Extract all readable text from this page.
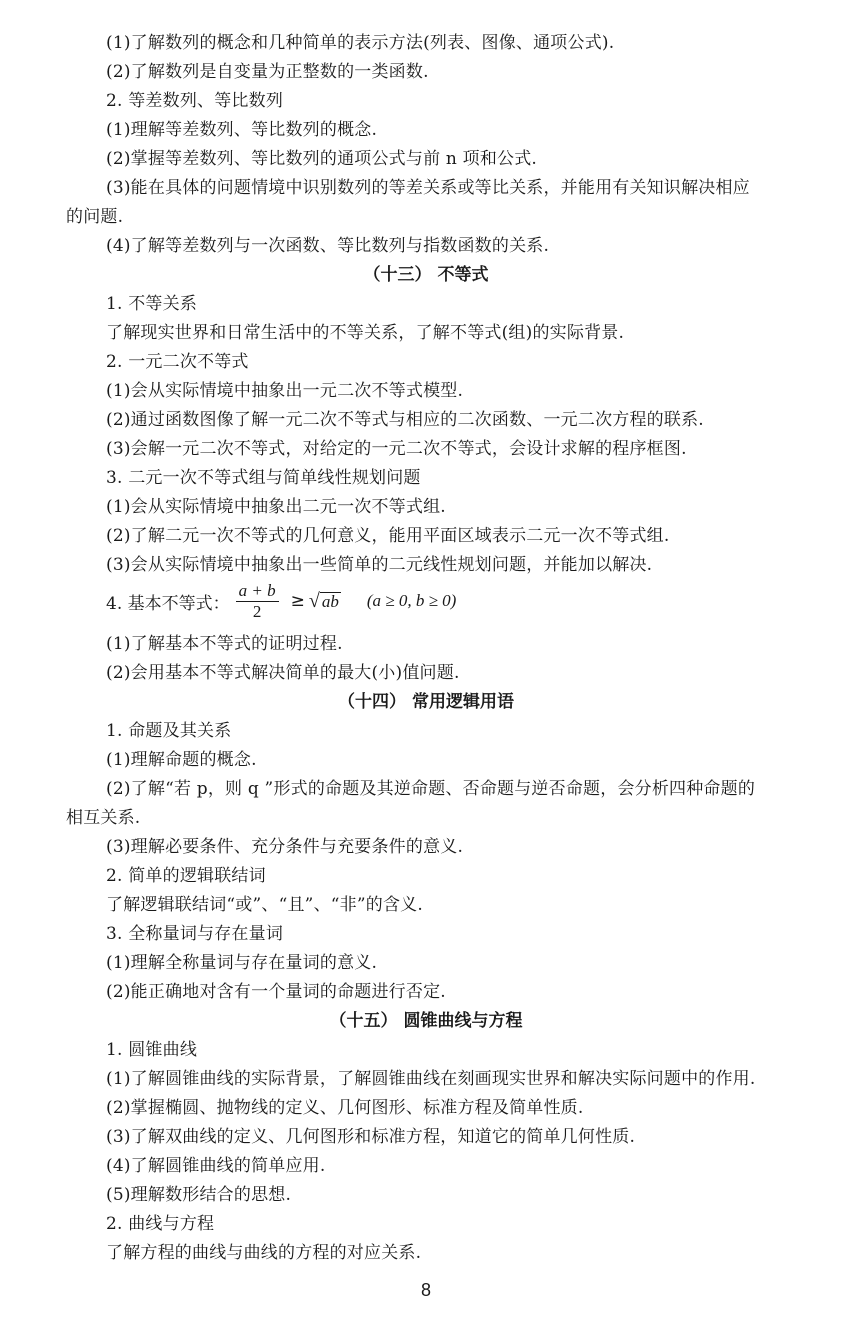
(1)了解数列的概念和几种简单的表示方法(列表、图像、通项公式).
(2)了解数列是自变量为正整数的一类函数.
2. 等差数列、等比数列
(1)理解等差数列、等比数列的概念.
(2)掌握等差数列、等比数列的通项公式与前 n 项和公式.
(3)能在具体的问题情境中识别数列的等差关系或等比关系，并能用有关知识解决相应
的问题.
(4)了解等差数列与一次函数、等比数列与指数函数的关系.
（十三） 不等式
1. 不等关系
了解现实世界和日常生活中的不等关系，了解不等式(组)的实际背景.
2. 一元二次不等式
(1)会从实际情境中抽象出一元二次不等式模型.
(2)通过函数图像了解一元二次不等式与相应的二次函数、一元二次方程的联系.
(3)会解一元二次不等式，对给定的一元二次不等式，会设计求解的程序框图.
3. 二元一次不等式组与简单线性规划问题
(1)会从实际情境中抽象出二元一次不等式组.
(2)了解二元一次不等式的几何意义，能用平面区域表示二元一次不等式组.
(3)会从实际情境中抽象出一些简单的二元线性规划问题，并能加以解决.
4. 基本不等式： $\frac{a + b}{2}$ ≥ √ ab (a ≥ 0, b ≥ 0)
(1)了解基本不等式的证明过程.
(2)会用基本不等式解决简单的最大(小)值问题.
（十四） 常用逻辑用语
1. 命题及其关系
(1)理解命题的概念.
(2)了解“若 p，则 q ”形式的命题及其逆命题、否命题与逆否命题，会分析四种命题的
相互关系.
(3)理解必要条件、充分条件与充要条件的意义.
2. 简单的逻辑联结词
了解逻辑联结词“或”、“且”、“非”的含义.
3. 全称量词与存在量词
(1)理解全称量词与存在量词的意义.
(2)能正确地对含有一个量词的命题进行否定.
（十五） 圆锥曲线与方程
1. 圆锥曲线
(1)了解圆锥曲线的实际背景，了解圆锥曲线在刻画现实世界和解决实际问题中的作用.
(2)掌握椭圆、抛物线的定义、几何图形、标准方程及简单性质.
(3)了解双曲线的定义、几何图形和标准方程，知道它的简单几何性质.
(4)了解圆锥曲线的简单应用.
(5)理解数形结合的思想.
2. 曲线与方程
了解方程的曲线与曲线的方程的对应关系.
8
